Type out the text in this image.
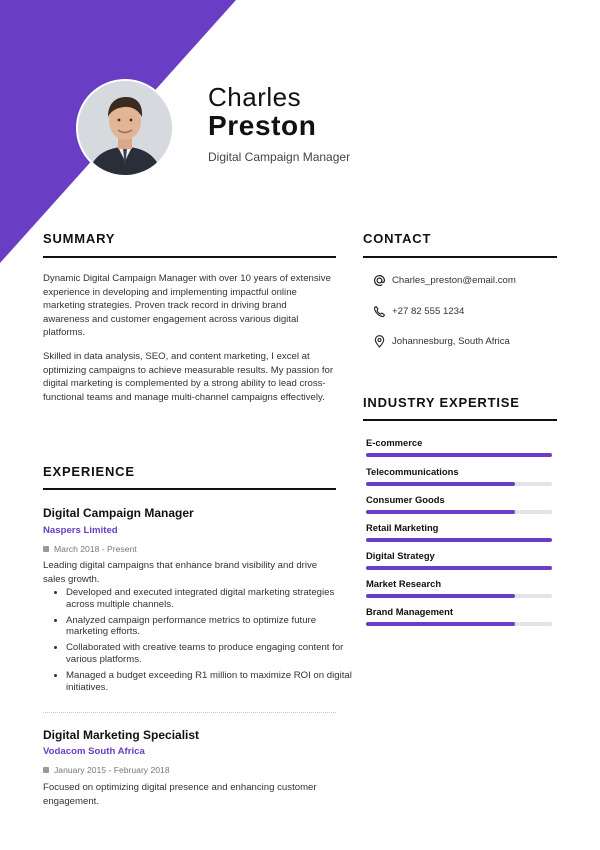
Charles
Preston
Digital Campaign Manager
SUMMARY

Dynamic Digital Campaign Manager with over 10 years of extensive experience in developing and implementing impactful online marketing strategies. Proven track record in driving brand awareness and customer engagement across various digital platforms.

Skilled in data analysis, SEO, and content marketing, I excel at optimizing campaigns to achieve measurable results. My passion for digital marketing is complemented by a strong ability to lead cross-functional teams and manage multi-channel campaigns effectively.

CONTACT
Charles_preston@email.com
+27 82 555 1234
Johannesburg, South Africa
INDUSTRY EXPERTISE
E-commerce
Telecommunications
Consumer Goods
Retail Marketing
Digital Strategy
Market Research
Brand Management
EXPERIENCE
Digital Campaign Manager
Naspers Limited
March 2018 - Present
Leading digital campaigns that enhance brand visibility and drive sales growth.
• Developed and executed integrated digital marketing strategies across multiple channels.
• Analyzed campaign performance metrics to optimize future marketing efforts.
• Collaborated with creative teams to produce engaging content for various platforms.
• Managed a budget exceeding R1 million to maximize ROI on digital initiatives.
Digital Marketing Specialist
Vodacom South Africa
January 2015 - February 2018
Focused on optimizing digital presence and enhancing customer engagement.
